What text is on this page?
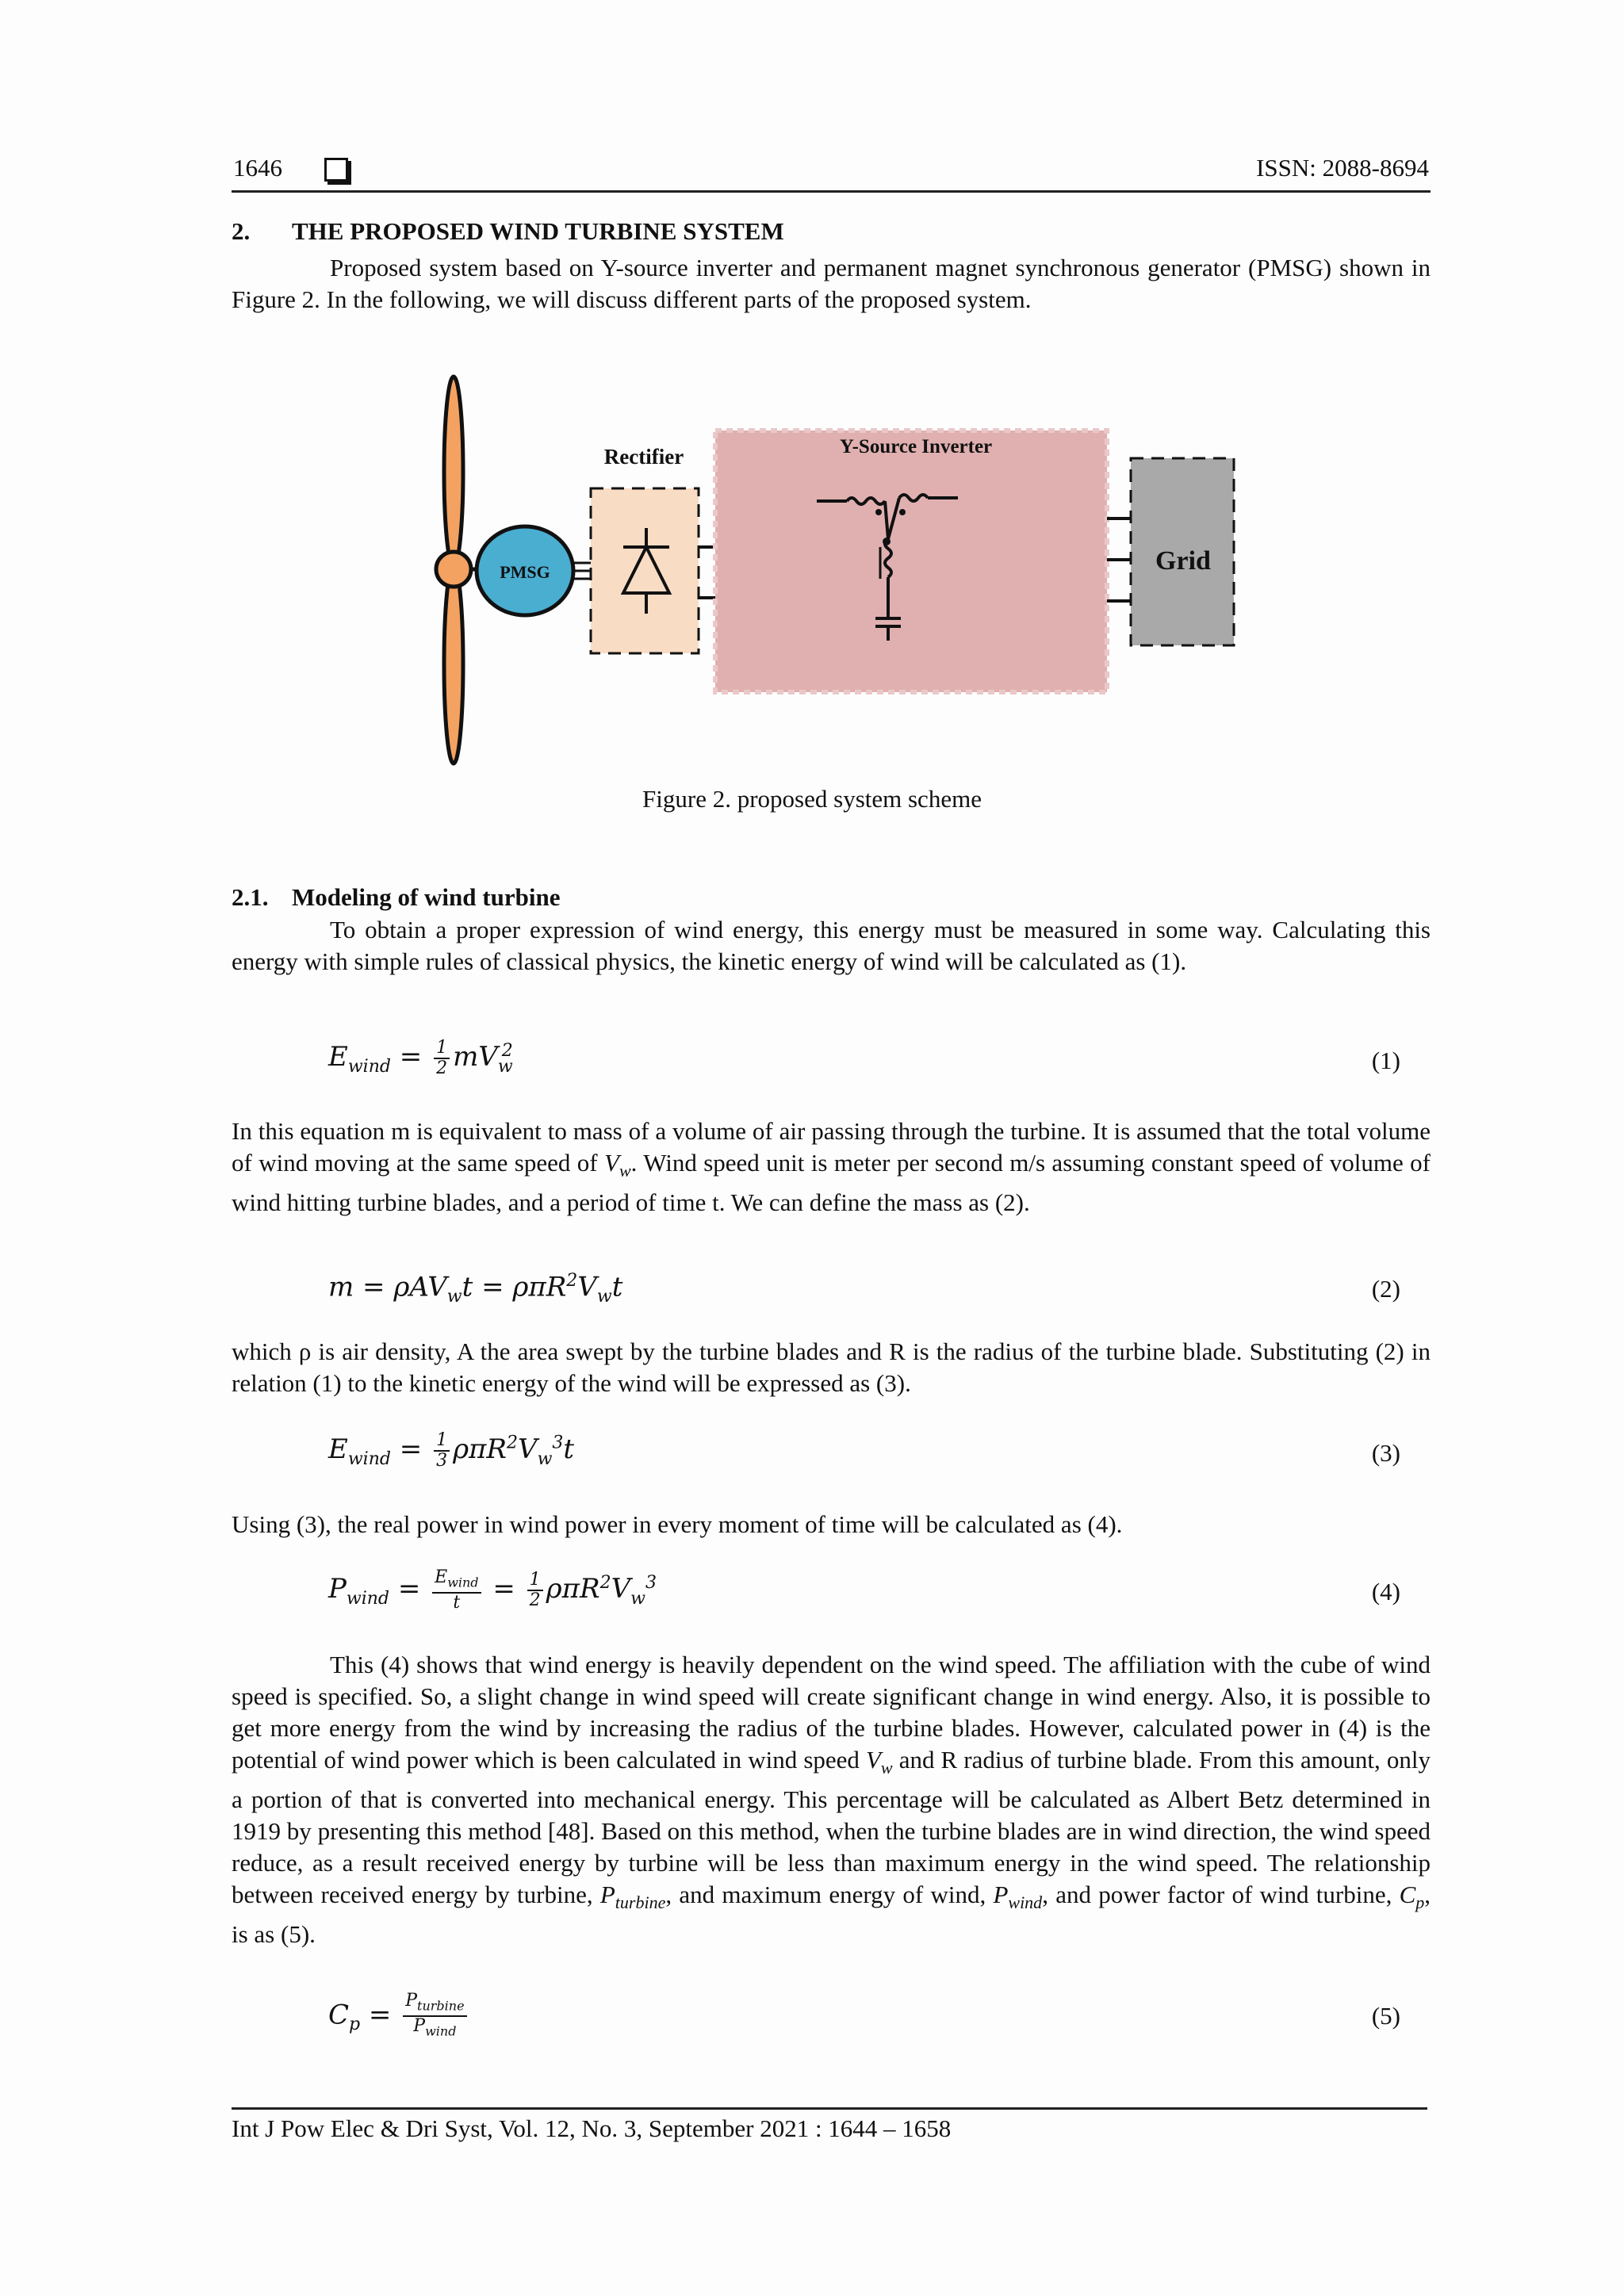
1646	ISSN: 2088-8694
2. THE PROPOSED WIND TURBINE SYSTEM

Proposed system based on Y-source inverter and permanent magnet synchronous generator (PMSG) shown in Figure 2. In the following, we will discuss different parts of the proposed system.

PMSG
Rectifier	Y-Source Inverter
Grid
Figure 2. proposed system scheme
2.1. Modeling of wind turbine

To obtain a proper expression of wind energy, this energy must be measured in some way. Calculating this energy with simple rules of classical physics, the kinetic energy of wind will be calculated as (1).

$E_{wind} = \frac{1}{2} mV_w^2$	(1)

In this equation m is equivalent to mass of a volume of air passing through the turbine. It is assumed that the total volume of wind moving at the same speed of $V_w$. Wind speed unit is meter per second m/s assuming constant speed of volume of wind hitting turbine blades, and a period of time t. We can define the mass as (2).

$m = \rho AV_wt = \rho\pi R^2V_wt$	(2)

which ρ is air density, A the area swept by the turbine blades and R is the radius of the turbine blade. Substituting (2) in relation (1) to the kinetic energy of the wind will be expressed as (3).

$E_{wind} = \frac{1}{3} \rho\pi R^2V_w^3t$	(3)

Using (3), the real power in wind power in every moment of time will be calculated as (4).

$P_{wind} = \frac{E_{wind}}{t} = \frac{1}{2} \rho\pi R^2V_w^3$	(4)

This (4) shows that wind energy is heavily dependent on the wind speed. The affiliation with the cube of wind speed is specified. So, a slight change in wind speed will create significant change in wind energy. Also, it is possible to get more energy from the wind by increasing the radius of the turbine blades. However, calculated power in (4) is the potential of wind power which is been calculated in wind speed $V_w$ and R radius of turbine blade. From this amount, only a portion of that is converted into mechanical energy. This percentage will be calculated as Albert Betz determined in 1919 by presenting this method [48]. Based on this method, when the turbine blades are in wind direction, the wind speed reduce, as a result received energy by turbine will be less than maximum energy in the wind speed. The relationship between received energy by turbine, $P_{turbine}$, and maximum energy of wind, $P_{wind}$, and power factor of wind turbine, $C_p$, is as (5).

$C_p = \frac{P_{turbine}}{P_{wind}}$	(5)
Int J Pow Elec & Dri Syst, Vol. 12, No. 3, September 2021 : 1644 – 1658
